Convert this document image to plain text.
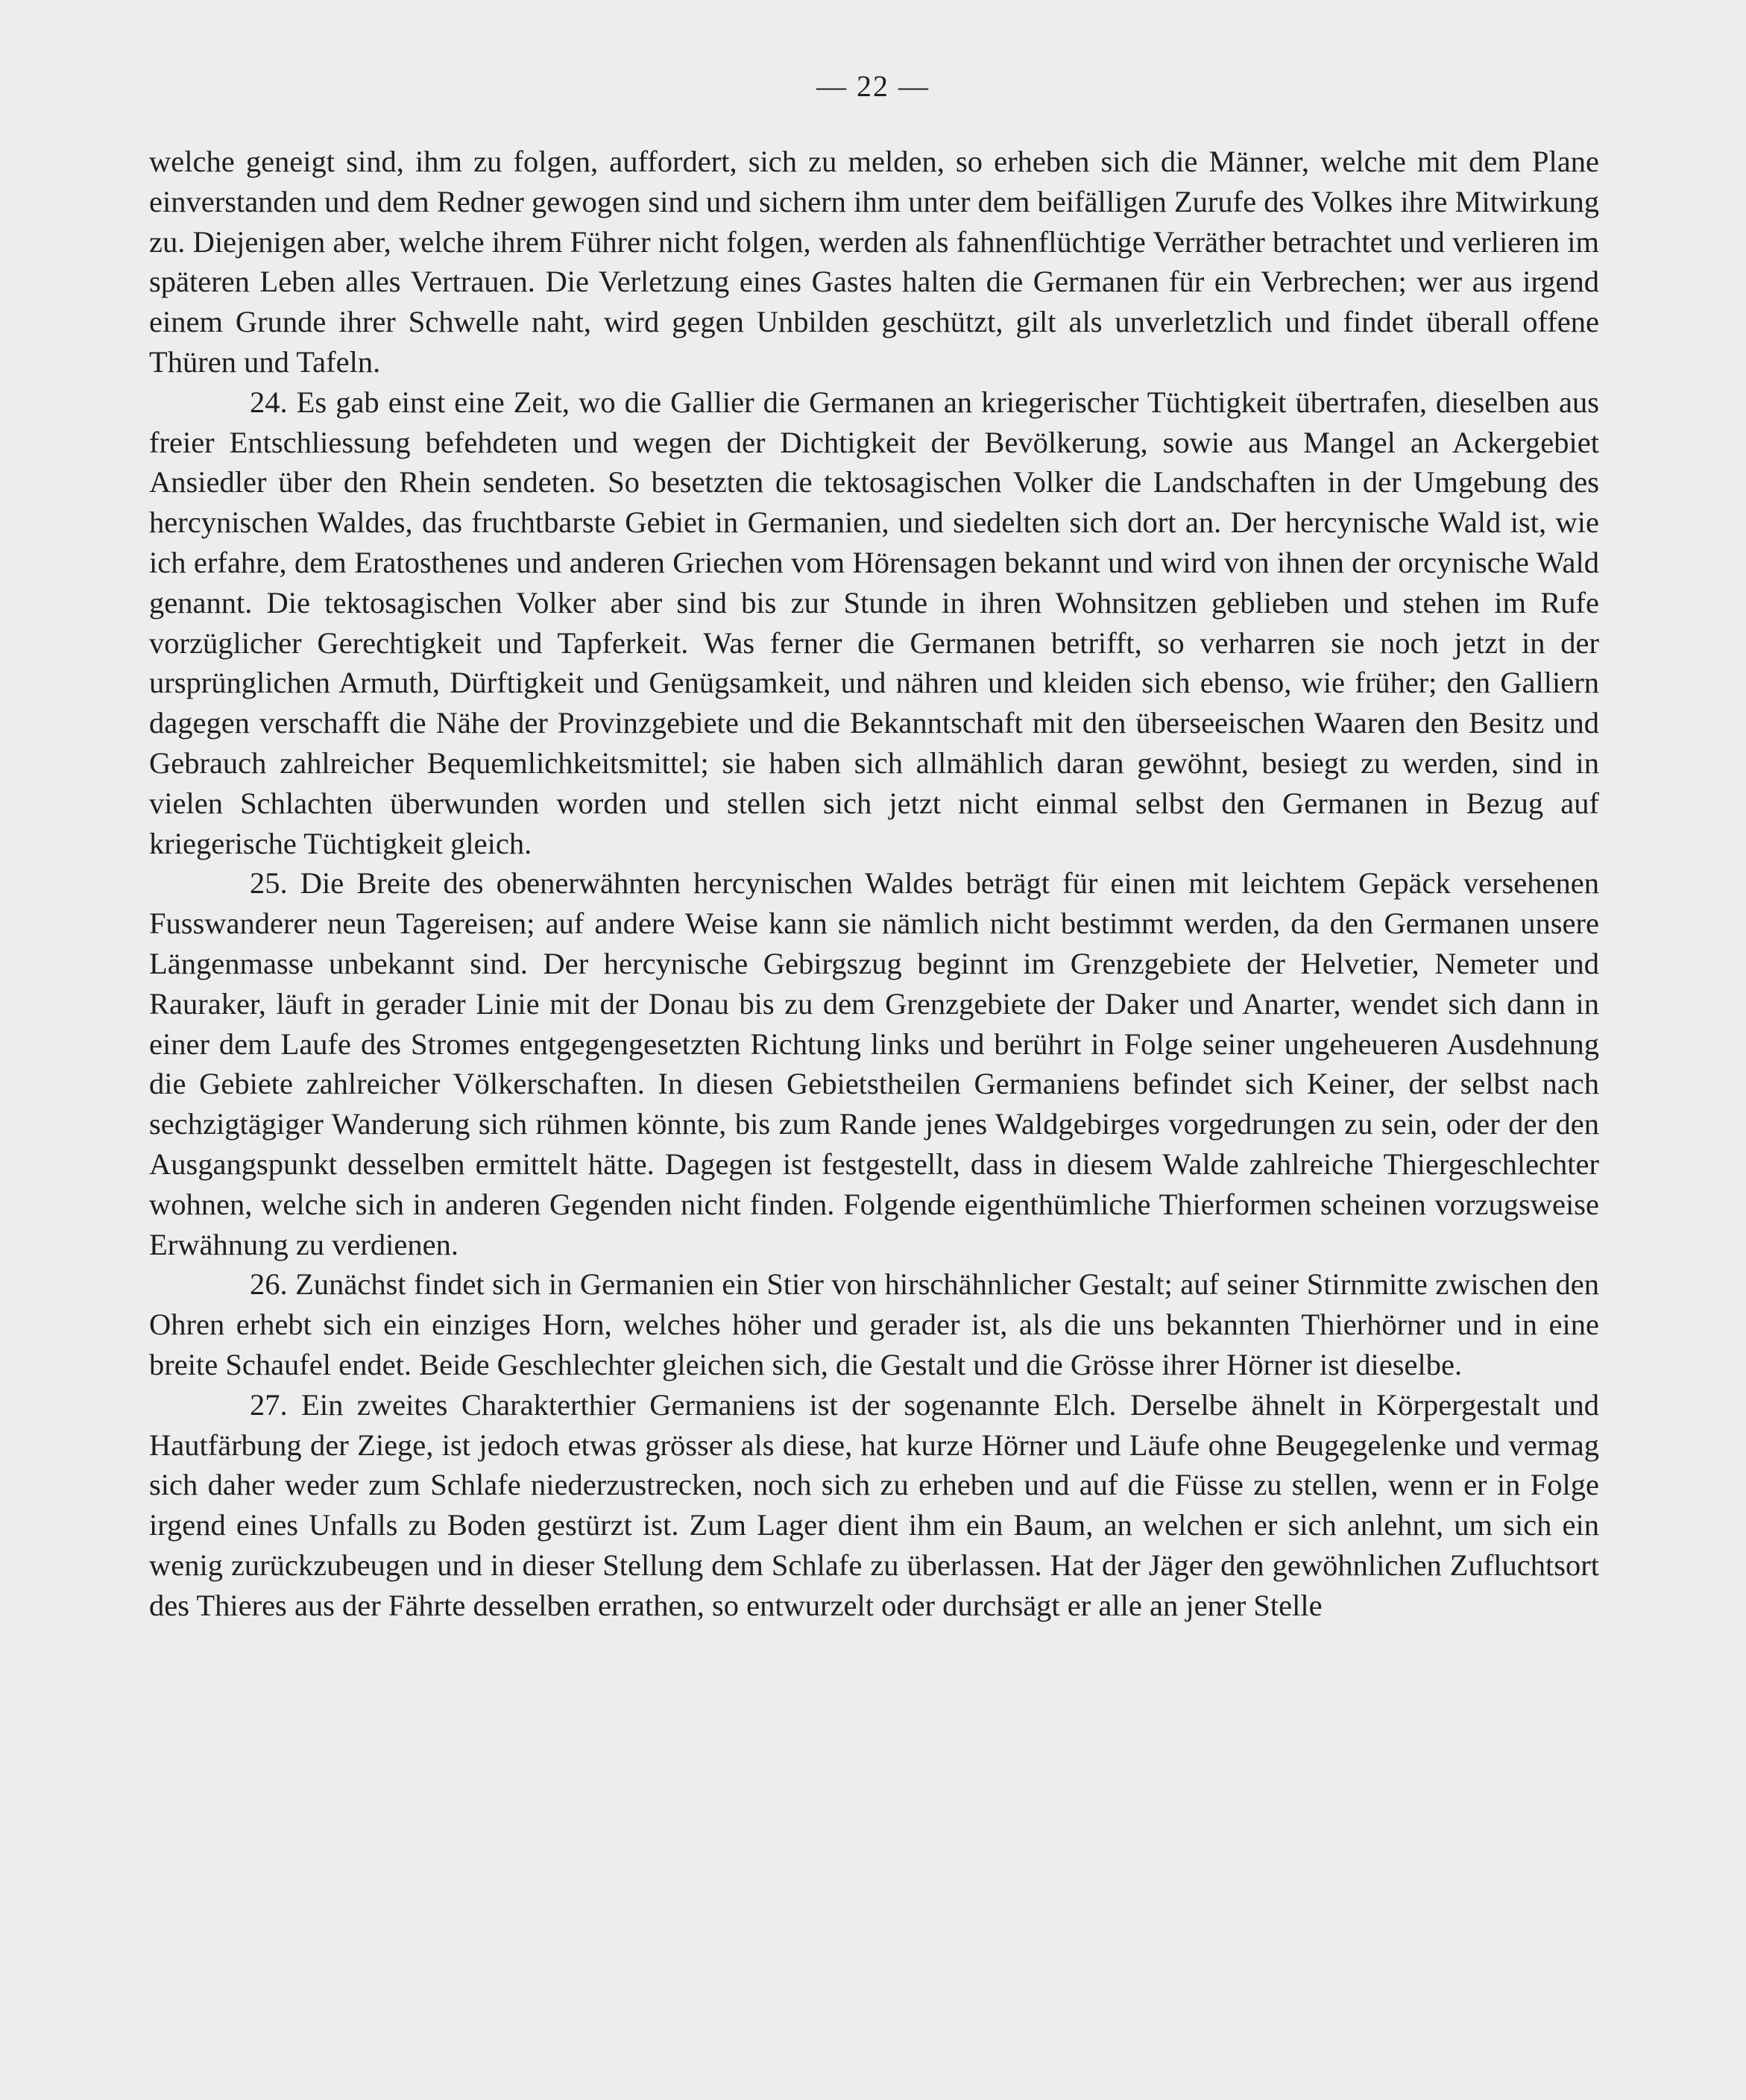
— 22 —

welche geneigt sind, ihm zu folgen, auffordert, sich zu melden, so erheben sich die Männer, welche mit dem Plane einverstanden und dem Redner gewogen sind und sichern ihm unter dem beifälligen Zurufe des Volkes ihre Mitwirkung zu. Diejenigen aber, welche ihrem Führer nicht folgen, werden als fahnenflüchtige Verräther betrachtet und verlieren im späteren Leben alles Vertrauen. Die Verletzung eines Gastes halten die Germanen für ein Verbrechen; wer aus irgend einem Grunde ihrer Schwelle naht, wird gegen Unbilden geschützt, gilt als unverletzlich und findet überall offene Thüren und Tafeln.

24. Es gab einst eine Zeit, wo die Gallier die Germanen an kriegerischer Tüchtigkeit übertrafen, dieselben aus freier Entschliessung befehdeten und wegen der Dichtigkeit der Bevölkerung, sowie aus Mangel an Ackergebiet Ansiedler über den Rhein sendeten. So besetzten die tektosagischen Volker die Landschaften in der Umgebung des hercynischen Waldes, das fruchtbarste Gebiet in Germanien, und siedelten sich dort an. Der hercynische Wald ist, wie ich erfahre, dem Eratosthenes und anderen Griechen vom Hörensagen bekannt und wird von ihnen der orcynische Wald genannt. Die tektosagischen Volker aber sind bis zur Stunde in ihren Wohnsitzen geblieben und stehen im Rufe vorzüglicher Gerechtigkeit und Tapferkeit. Was ferner die Germanen betrifft, so verharren sie noch jetzt in der ursprünglichen Armuth, Dürftigkeit und Genügsamkeit, und nähren und kleiden sich ebenso, wie früher; den Galliern dagegen verschafft die Nähe der Provinzgebiete und die Bekanntschaft mit den überseeischen Waaren den Besitz und Gebrauch zahlreicher Bequemlichkeitsmittel; sie haben sich allmählich daran gewöhnt, besiegt zu werden, sind in vielen Schlachten überwunden worden und stellen sich jetzt nicht einmal selbst den Germanen in Bezug auf kriegerische Tüchtigkeit gleich.

25. Die Breite des obenerwähnten hercynischen Waldes beträgt für einen mit leichtem Gepäck versehenen Fusswanderer neun Tagereisen; auf andere Weise kann sie nämlich nicht bestimmt werden, da den Germanen unsere Längenmasse unbekannt sind. Der hercynische Gebirgszug beginnt im Grenzgebiete der Helvetier, Nemeter und Rauraker, läuft in gerader Linie mit der Donau bis zu dem Grenzgebiete der Daker und Anarter, wendet sich dann in einer dem Laufe des Stromes entgegengesetzten Richtung links und berührt in Folge seiner ungeheueren Ausdehnung die Gebiete zahlreicher Völkerschaften. In diesen Gebietstheilen Germaniens befindet sich Keiner, der selbst nach sechzigtägiger Wanderung sich rühmen könnte, bis zum Rande jenes Waldgebirges vorgedrungen zu sein, oder der den Ausgangspunkt desselben ermittelt hätte. Dagegen ist festgestellt, dass in diesem Walde zahlreiche Thiergeschlechter wohnen, welche sich in anderen Gegenden nicht finden. Folgende eigenthümliche Thierformen scheinen vorzugsweise Erwähnung zu verdienen.

26. Zunächst findet sich in Germanien ein Stier von hirschähnlicher Gestalt; auf seiner Stirnmitte zwischen den Ohren erhebt sich ein einziges Horn, welches höher und gerader ist, als die uns bekannten Thierhörner und in eine breite Schaufel endet. Beide Geschlechter gleichen sich, die Gestalt und die Grösse ihrer Hörner ist dieselbe.

27. Ein zweites Charakterthier Germaniens ist der sogenannte Elch. Derselbe ähnelt in Körpergestalt und Hautfärbung der Ziege, ist jedoch etwas grösser als diese, hat kurze Hörner und Läufe ohne Beugegelenke und vermag sich daher weder zum Schlafe niederzustrecken, noch sich zu erheben und auf die Füsse zu stellen, wenn er in Folge irgend eines Unfalls zu Boden gestürzt ist. Zum Lager dient ihm ein Baum, an welchen er sich anlehnt, um sich ein wenig zurückzubeugen und in dieser Stellung dem Schlafe zu überlassen. Hat der Jäger den gewöhnlichen Zufluchtsort des Thieres aus der Fährte desselben errathen, so entwurzelt oder durchsägt er alle an jener Stelle
